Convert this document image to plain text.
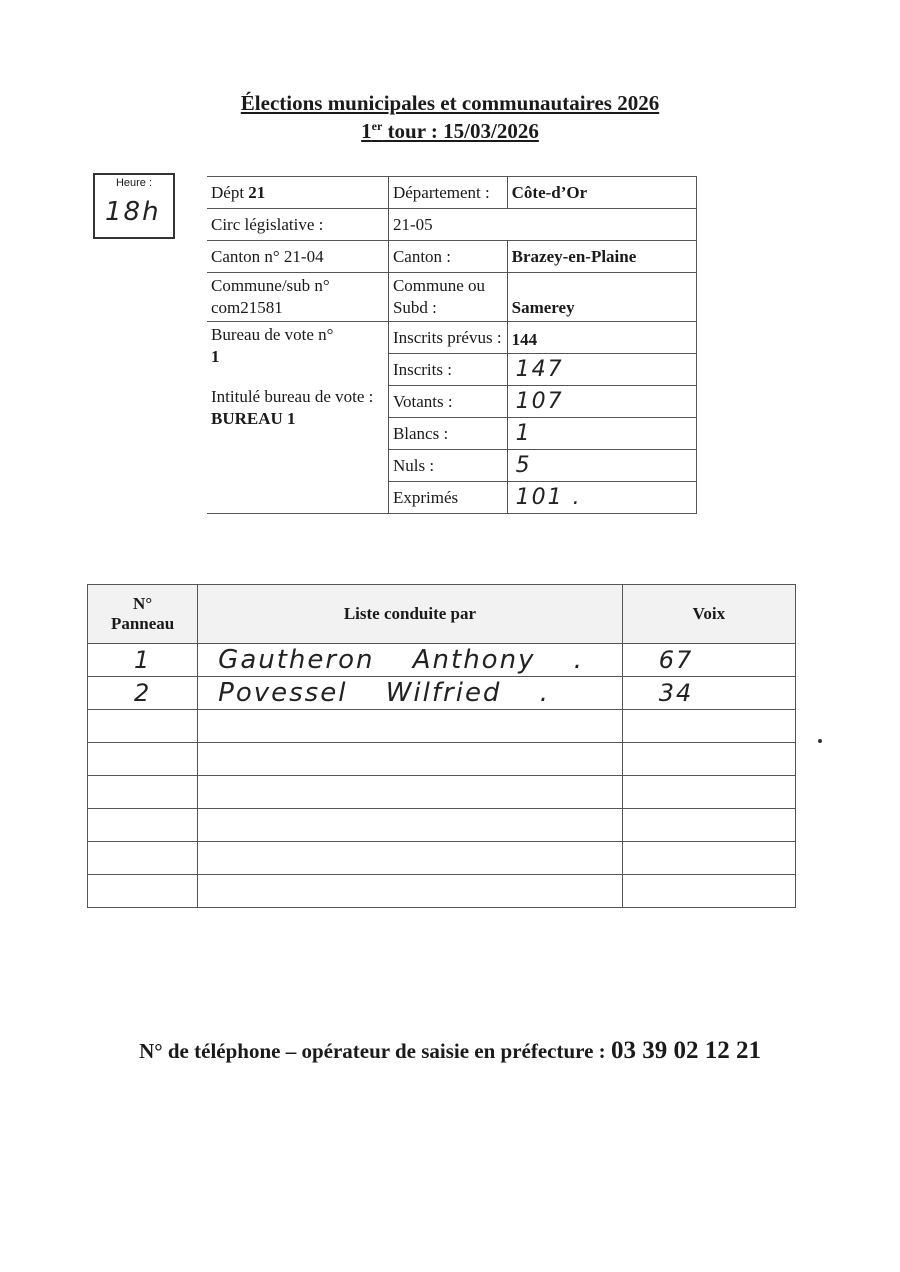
Élections municipales et communautaires 2026
1er tour : 15/03/2026
Heure :
18h
Dépt 21	Département :	Côte-d’Or
Circ législative :	21-05	
Canton n° 21-04	Canton :	Brazey-en-Plaine

Commune/sub n°
com21581	Commune ou Subd :	Samerey

Bureau de vote n°
1
Intitulé bureau de vote :
BUREAU 1	Inscrits prévus :	144
	Inscrits :	147
	Votants :	107
	Blancs :	1
	Nuls :	5
	Exprimés	101 .
N°
Panneau	Liste conduite par	Voix
1	Gautheron Anthony .	67
2	Povessel Wilfried .	34

N° de téléphone – opérateur de saisie en préfecture : 03 39 02 12 21
